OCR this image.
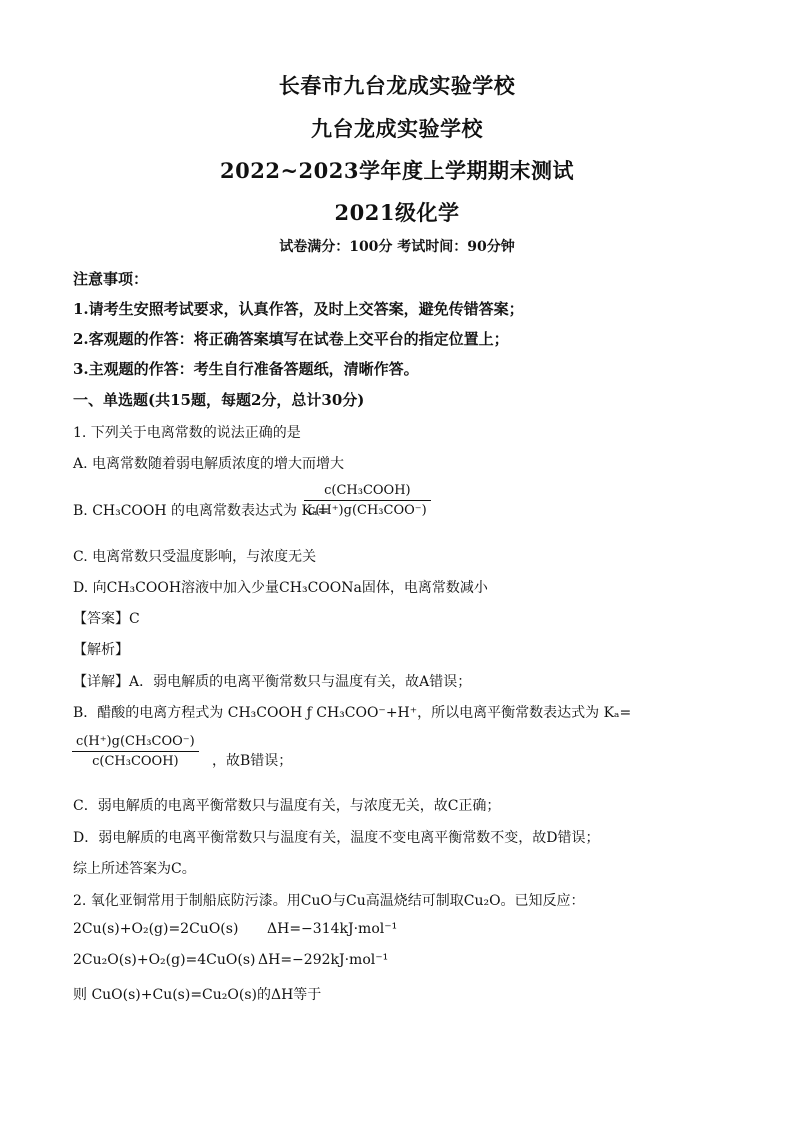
长春市九台龙成实验学校
九台龙成实验学校
2022~2023学年度上学期期末测试
2021级化学
试卷满分：100分 考试时间：90分钟
注意事项：
1.请考生安照考试要求，认真作答，及时上交答案，避免传错答案；
2.客观题的作答：将正确答案填写在试卷上交平台的指定位置上；
3.主观题的作答：考生自行准备答题纸，清晰作答。
一、单选题(共15题，每题2分，总计30分)
1. 下列关于电离常数的说法正确的是
A. 电离常数随着弱电解质浓度的增大而增大
B. CH₃COOH 的电离常数表达式为 Kₐ=
c(CH₃COOH)
c(H⁺)g(CH₃COO⁻)
C. 电离常数只受温度影响，与浓度无关
D. 向CH₃COOH溶液中加入少量CH₃COONa固体，电离常数减小
【答案】C
【解析】
【详解】A．弱电解质的电离平衡常数只与温度有关，故A错误；
B．醋酸的电离方程式为 CH₃COOH ƒ CH₃COO⁻+H⁺，所以电离平衡常数表达式为 Kₐ=
c(H⁺)g(CH₃COO⁻)
c(CH₃COOH)	，故B错误；
C．弱电解质的电离平衡常数只与温度有关，与浓度无关，故C正确；
D．弱电解质的电离平衡常数只与温度有关，温度不变电离平衡常数不变，故D错误；
综上所述答案为C。
2. 氧化亚铜常用于制船底防污漆。用CuO与Cu高温烧结可制取Cu₂O。已知反应：
2Cu(s)+O₂(g)=2CuO(s) ΔH=−314kJ·mol⁻¹
2Cu₂O(s)+O₂(g)=4CuO(s) ΔH=−292kJ·mol⁻¹
则 CuO(s)+Cu(s)=Cu₂O(s)的ΔH等于
